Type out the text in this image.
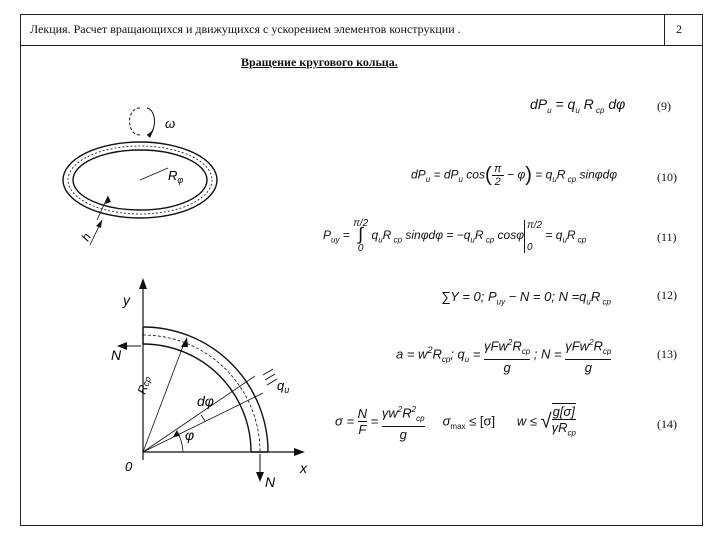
Лекция. Расчет вращающихся и движущихся с ускорением элементов конструкции .	2
Вращение кругового кольца.
ω
$R_\varphi$
h
y
x
0
N
N
Rcp
dφ
φ
$q_u$
$dP_u = q_u$ R $_{cp}$ dφ	(9)
$dP_u = dP_u$ cos( π
$2 - \varphi) = q_uR$ $_{cp}$ sinφdφ	(10)
$P_{uy} = \pi/2$
∫
0 $q_uR$ $_{cp}$ $\sin\varphi d\varphi = -q_uR$ $_{cp}$ cosφπ/2

$0 = q_uR$ $_{cp}$	(11)
∑Y = 0; $P_{uy} - N = 0$; $N =q_uR$ $_{cp}$
(12)
$a = w^2R_{cp}$; $q_u = \gamma Fw^2R_{cp}$
g ; $N = \gamma Fw^2R_{cp}$
g
(13)
σ = N
$F = \gamma w^2R^2_{cp}$
g     $\sigma_{max} \le [\sigma]$      w ≤ √g[σ]
$\gamma R_{cp}$
(14)
